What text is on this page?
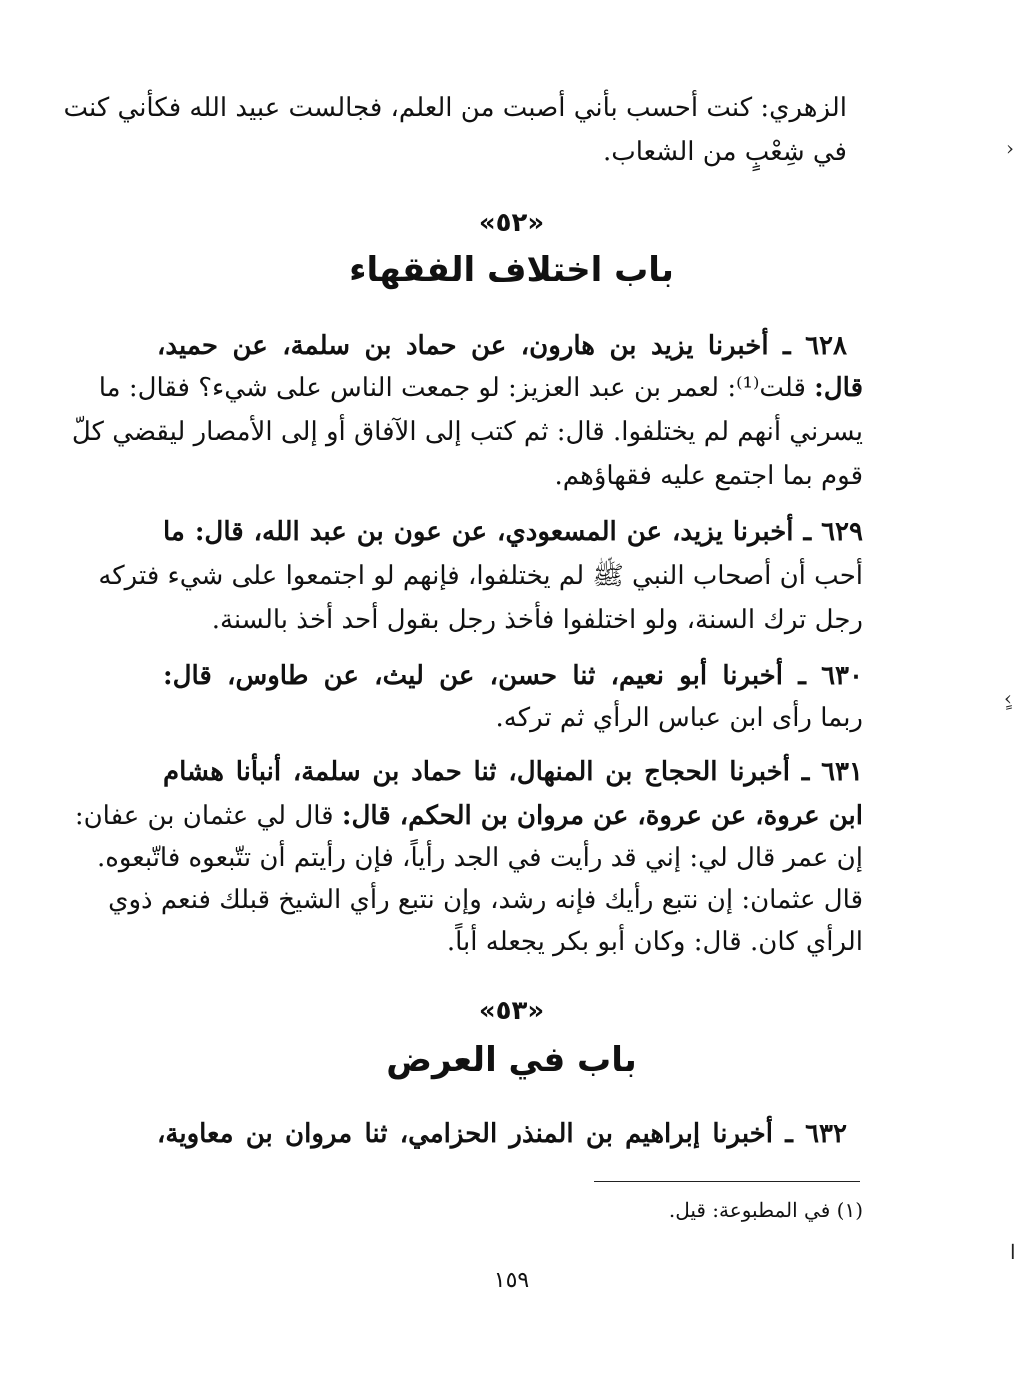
الزهري: كنت أحسب بأني أصبت من العلم، فجالست عبيد الله فكأني كنت
في شِعْبٍ من الشعاب.
«٥٢»
باب اختلاف الفقهاء
٦٢٨ ـ أخبرنا يزيد بن هارون، عن حماد بن سلمة، عن حميد،
قال: قلت⁽¹⁾: لعمر بن عبد العزيز: لو جمعت الناس على شيء؟ فقال: ما
يسرني أنهم لم يختلفوا. قال: ثم كتب إلى الآفاق أو إلى الأمصار ليقضي كلّ
قوم بما اجتمع عليه فقهاؤهم.
٦٢٩ ـ أخبرنا يزيد، عن المسعودي، عن عون بن عبد الله، قال: ما
أحب أن أصحاب النبي ﷺ لم يختلفوا، فإنهم لو اجتمعوا على شيء فتركه
رجل ترك السنة، ولو اختلفوا فأخذ رجل بقول أحد أخذ بالسنة.
٦٣٠ ـ أخبرنا أبو نعيم، ثنا حسن، عن ليث، عن طاوس، قال:
ربما رأى ابن عباس الرأي ثم تركه.
٦٣١ ـ أخبرنا الحجاج بن المنهال، ثنا حماد بن سلمة، أنبأنا هشام
ابن عروة، عن عروة، عن مروان بن الحكم، قال: قال لي عثمان بن عفان:
إن عمر قال لي: إني قد رأيت في الجد رأياً، فإن رأيتم أن تتّبعوه فاتّبعوه.
قال عثمان: إن نتبع رأيك فإنه رشد، وإن نتبع رأي الشيخ قبلك فنعم ذوي
الرأي كان. قال: وكان أبو بكر يجعله أباً.
«٥٣»
باب في العرض
٦٣٢ ـ أخبرنا إبراهيم بن المنذر الحزامي، ثنا مروان بن معاوية،
(١) في المطبوعة: قيل.
١٥٩
›
ٍ‹
ا
